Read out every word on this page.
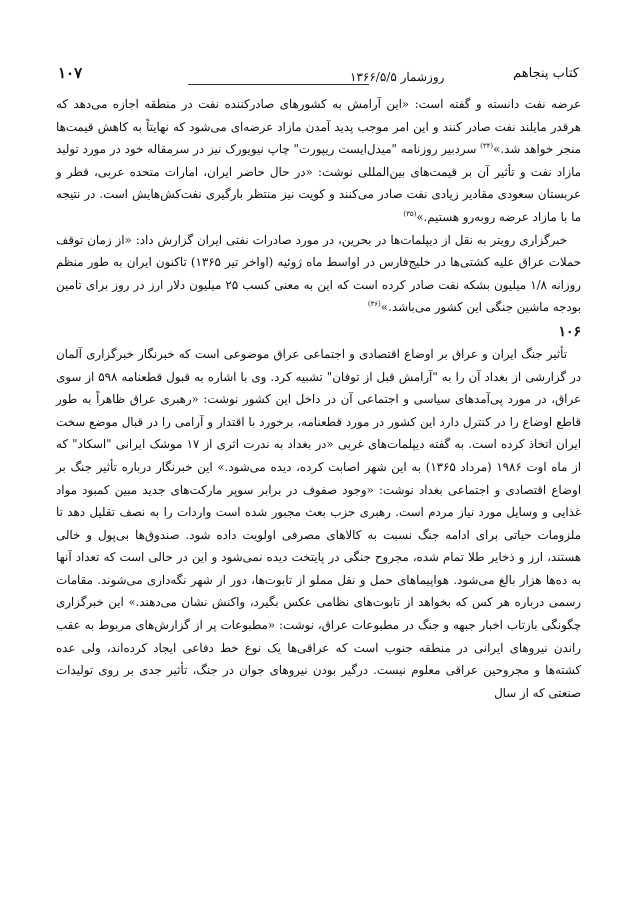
کتاب پنجاهم
روزشمار ۱۳۶۶/۵/۵
۱۰۷

عرضه نفت دانسته و گفته است: «این آرامش به کشورهای صادرکننده نفت در منطقه اجازه می‌دهد که هرقدر مایلند نفت صادر کنند و این امر موجب پدید آمدن مازاد عرضه‌ای می‌شود که نهایتاً به کاهش قیمت‌ها منجر خواهد شد.»$^{(۳۴)}$ سردبیر روزنامه "میدل‌ایست ریپورت" چاپ نیویورک نیز در سرمقاله خود در مورد تولید مازاد نفت و تأثیر آن بر قیمت‌های بین‌المللی نوشت: «در حال حاضر ایران، امارات متحده عربی، قطر و عربستان سعودی مقادیر زیادی نفت صادر می‌کنند و کویت نیز منتظر بارگیری نفت‌کش‌هایش است. در نتیجه ما با مازاد عرضه روبه‌رو هستیم.»$^{(۳۵)}$

خبرگزاری رویتر به نقل از دیپلمات‌ها در بحرین، در مورد صادرات نفتی ایران گزارش داد: «از زمان توقف حملات عراق علیه کشتی‌ها در خلیج‌فارس در اواسط ماه ژوئیه (اواخر تیر ۱۳۶۵) تاکنون ایران به طور منظم روزانه ۱/۸ میلیون بشکه نفت صادر کرده است که این به معنی کسب ۲۵ میلیون دلار ارز در روز برای تامین بودجه ماشین جنگی این کشور می‌باشد.»$^{(۳۶)}$

۱۰۶

تأثیر جنگ ایران و عراق بر اوضاع اقتصادی و اجتماعی عراق موضوعی است که خبرنگار خبرگزاری آلمان در گزارشی از بغداد آن را به "آرامش قبل از توفان" تشبیه کرد. وی با اشاره به قبول قطعنامه ۵۹۸ از سوی عراق، در مورد پی‌آمدهای سیاسی و اجتماعی آن در داخل این کشور نوشت: «رهبری عراق ظاهراً به طور قاطع اوضاع را در کنترل دارد این کشور در مورد قطعنامه، برخورد با اقتدار و آرامی را در قبال موضع سخت ایران اتخاذ کرده است. به گفته دیپلمات‌های غربی «در بغداد به ندرت اثری از ۱۷ موشک ایرانی "اسکاد" که از ماه اوت ۱۹۸۶ (مرداد ۱۳۶۵) به این شهر اصابت کرده، دیده می‌شود.» این خبرنگار درباره تأثیر جنگ بر اوضاع اقتصادی و اجتماعی بغداد نوشت: «وجود صفوف در برابر سوپر مارکت‌های جدید مبین کمبود مواد غذایی و وسایل مورد نیاز مردم است. رهبری حزب بعث مجبور شده است واردات را به نصف تقلیل دهد تا ملزومات حیاتی برای ادامه جنگ نسبت به کالاهای مصرفی اولویت داده شود. صندوق‌ها بی‌پول و خالی هستند، ارز و ذخایر طلا تمام شده، مجروح جنگی در پایتخت دیده نمی‌شود و این در حالی است که تعداد آنها به ده‌ها هزار بالغ می‌شود. هواپیماهای حمل و نقل مملو از تابوت‌ها، دور از شهر نگه‌داری می‌شوند. مقامات رسمی درباره هر کس که بخواهد از تابوت‌های نظامی عکس بگیرد، واکنش نشان می‌دهند.» این خبرگزاری چگونگی بازتاب اخبار جبهه و جنگ در مطبوعات عراق، نوشت: «مطبوعات پر از گزارش‌های مربوط به عقب راندن نیروهای ایرانی در منطقه جنوب است که عراقی‌ها یک نوع خط دفاعی ایجاد کرده‌اند، ولی عده کشته‌ها و مجروحین عراقی معلوم نیست. درگیر بودن نیروهای جوان در جنگ، تأثیر جدی بر روی تولیدات صنعتی که از سال
